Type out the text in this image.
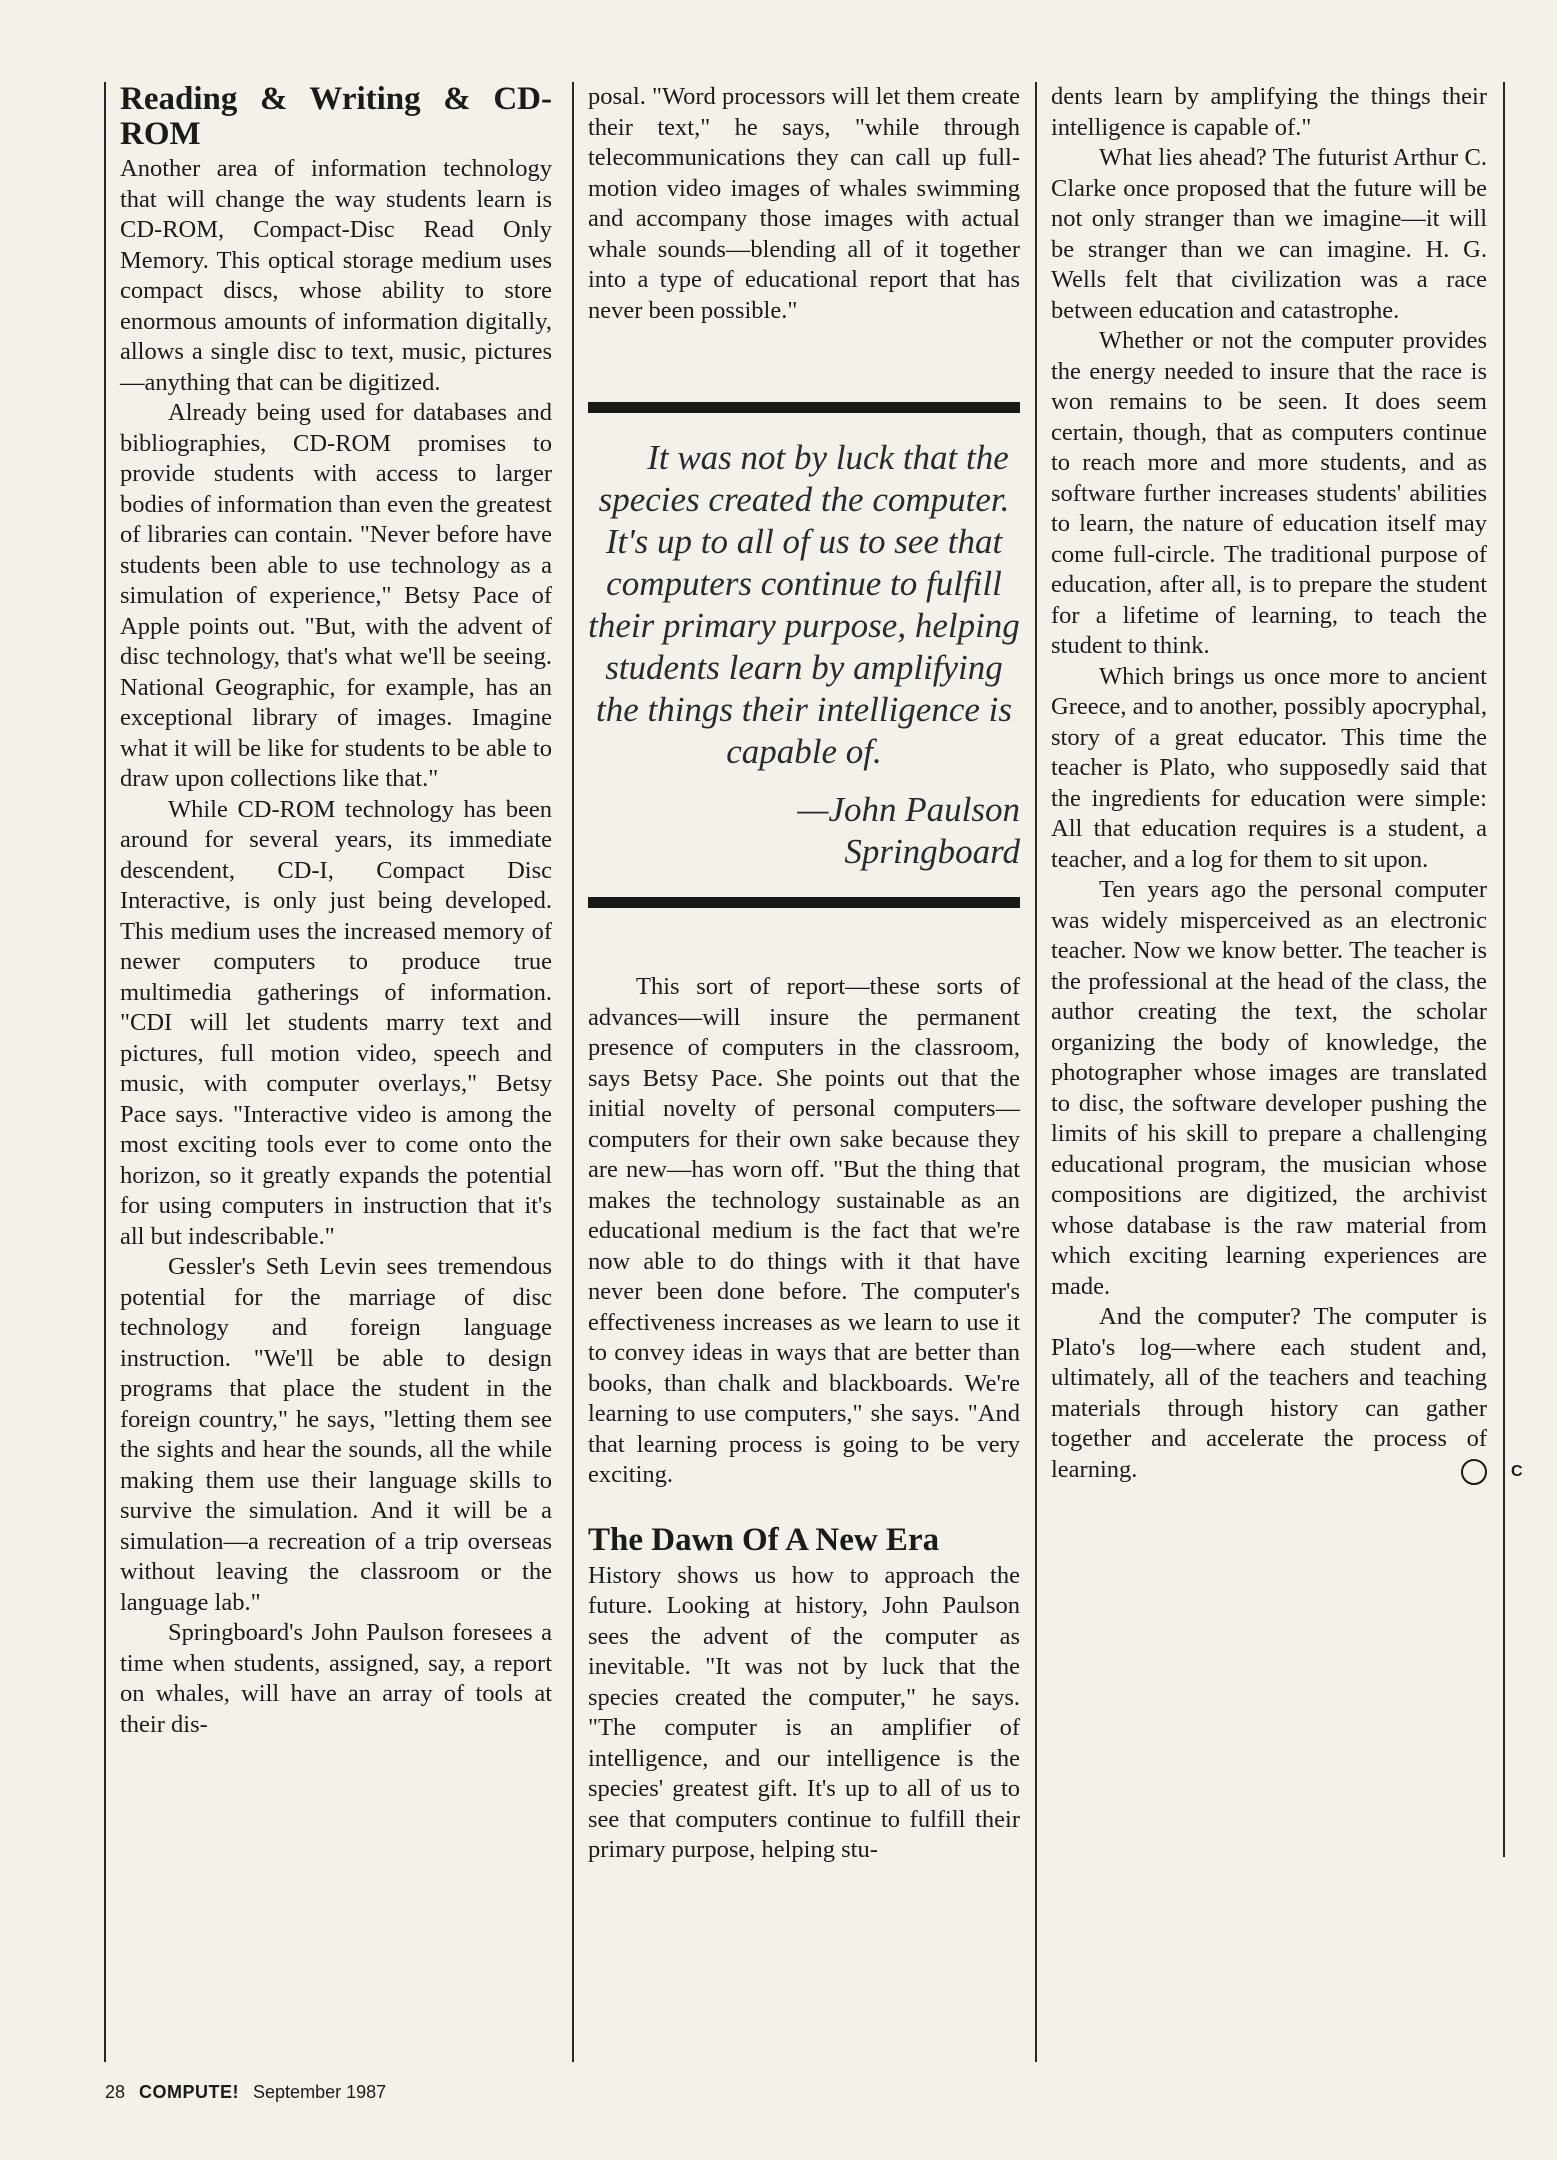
Reading & Writing & CD-ROM

Another area of information technology that will change the way students learn is CD-ROM, Compact-Disc Read Only Memory. This optical storage medium uses compact discs, whose ability to store enormous amounts of information digitally, allows a single disc to text, music, pictures—anything that can be digitized.

Already being used for databases and bibliographies, CD-ROM promises to provide students with access to larger bodies of information than even the greatest of libraries can contain. "Never before have students been able to use technology as a simulation of experience," Betsy Pace of Apple points out. "But, with the advent of disc technology, that's what we'll be seeing. National Geographic, for example, has an exceptional library of images. Imagine what it will be like for students to be able to draw upon collections like that."

While CD-ROM technology has been around for several years, its immediate descendent, CD-I, Compact Disc Interactive, is only just being developed. This medium uses the increased memory of newer computers to produce true multimedia gatherings of information. "CDI will let students marry text and pictures, full motion video, speech and music, with computer overlays," Betsy Pace says. "Interactive video is among the most exciting tools ever to come onto the horizon, so it greatly expands the potential for using computers in instruction that it's all but indescribable."

Gessler's Seth Levin sees tremendous potential for the marriage of disc technology and foreign language instruction. "We'll be able to design programs that place the student in the foreign country," he says, "letting them see the sights and hear the sounds, all the while making them use their language skills to survive the simulation. And it will be a simulation—a recreation of a trip overseas without leaving the classroom or the language lab."

Springboard's John Paulson foresees a time when students, assigned, say, a report on whales, will have an array of tools at their dis-

posal. "Word processors will let them create their text," he says, "while through telecommunications they can call up full-motion video images of whales swimming and accompany those images with actual whale sounds—blending all of it together into a type of educational report that has never been possible."

It was not by luck that the species created the computer. It's up to all of us to see that computers continue to fulfill their primary purpose, helping students learn by amplifying the things their intelligence is capable of.

—John Paulson

Springboard

This sort of report—these sorts of advances—will insure the permanent presence of computers in the classroom, says Betsy Pace. She points out that the initial novelty of personal computers—computers for their own sake because they are new—has worn off. "But the thing that makes the technology sustainable as an educational medium is the fact that we're now able to do things with it that have never been done before. The computer's effectiveness increases as we learn to use it to convey ideas in ways that are better than books, than chalk and blackboards. We're learning to use computers," she says. "And that learning process is going to be very exciting.

The Dawn Of A New Era

History shows us how to approach the future. Looking at history, John Paulson sees the advent of the computer as inevitable. "It was not by luck that the species created the computer," he says. "The computer is an amplifier of intelligence, and our intelligence is the species' greatest gift. It's up to all of us to see that computers continue to fulfill their primary purpose, helping stu-

dents learn by amplifying the things their intelligence is capable of."

What lies ahead? The futurist Arthur C. Clarke once proposed that the future will be not only stranger than we imagine—it will be stranger than we can imagine. H. G. Wells felt that civilization was a race between education and catastrophe.

Whether or not the computer provides the energy needed to insure that the race is won remains to be seen. It does seem certain, though, that as computers continue to reach more and more students, and as software further increases students' abilities to learn, the nature of education itself may come full-circle. The traditional purpose of education, after all, is to prepare the student for a lifetime of learning, to teach the student to think.

Which brings us once more to ancient Greece, and to another, possibly apocryphal, story of a great educator. This time the teacher is Plato, who supposedly said that the ingredients for education were simple: All that education requires is a student, a teacher, and a log for them to sit upon.

Ten years ago the personal computer was widely misperceived as an electronic teacher. Now we know better. The teacher is the professional at the head of the class, the author creating the text, the scholar organizing the body of knowledge, the photographer whose images are translated to disc, the software developer pushing the limits of his skill to prepare a challenging educational program, the musician whose compositions are digitized, the archivist whose database is the raw material from which exciting learning experiences are made.

And the computer? The computer is Plato's log—where each student and, ultimately, all of the teachers and teaching materials through history can gather together and accelerate the process of learning.	C

28 COMPUTE! September 1987
